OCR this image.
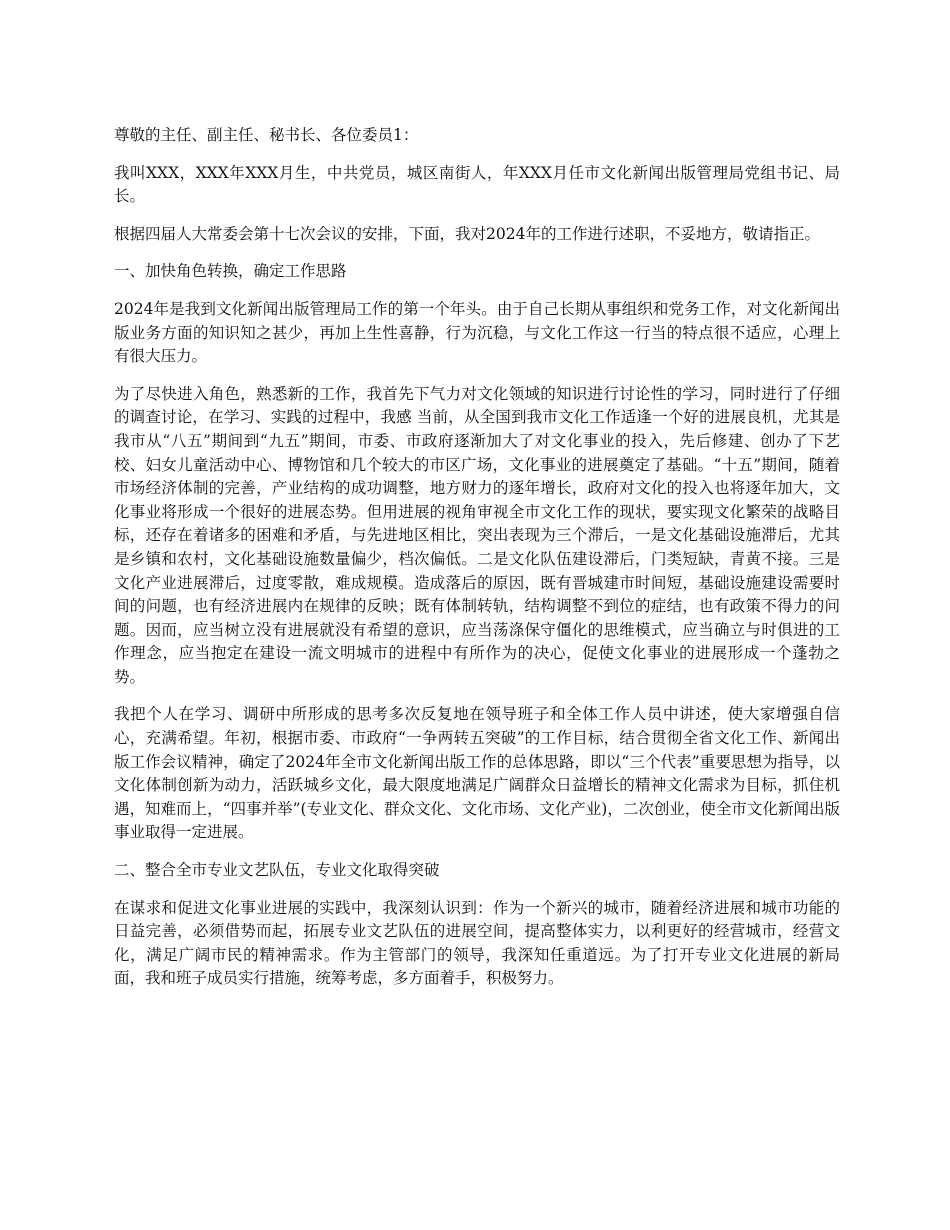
尊敬的主任、副主任、秘书长、各位委员1：

我叫XXX，XXX年XXX月生，中共党员，城区南街人，年XXX月任市文化新闻出版管理局党组书记、局长。

根据四届人大常委会第十七次会议的安排，下面，我对2024年的工作进行述职，不妥地方，敬请指正。

一、加快角色转换，确定工作思路

2024年是我到文化新闻出版管理局工作的第一个年头。由于自己长期从事组织和党务工作，对文化新闻出版业务方面的知识知之甚少，再加上生性喜静，行为沉稳，与文化工作这一行当的特点很不适应，心理上有很大压力。

为了尽快进入角色，熟悉新的工作，我首先下气力对文化领域的知识进行讨论性的学习，同时进行了仔细的调查讨论，在学习、实践的过程中，我感 当前，从全国到我市文化工作适逢一个好的进展良机，尤其是我市从“八五”期间到“九五”期间，市委、市政府逐渐加大了对文化事业的投入，先后修建、创办了下艺校、妇女儿童活动中心、博物馆和几个较大的市区广场，文化事业的进展奠定了基础。“十五”期间，随着市场经济体制的完善，产业结构的成功调整，地方财力的逐年增长，政府对文化的投入也将逐年加大，文化事业将形成一个很好的进展态势。但用进展的视角审视全市文化工作的现状，要实现文化繁荣的战略目标，还存在着诸多的困难和矛盾，与先进地区相比，突出表现为三个滞后，一是文化基础设施滞后，尤其是乡镇和农村，文化基础设施数量偏少，档次偏低。二是文化队伍建设滞后，门类短缺，青黄不接。三是文化产业进展滞后，过度零散，难成规模。造成落后的原因，既有晋城建市时间短，基础设施建设需要时间的问题，也有经济进展内在规律的反映；既有体制转轨，结构调整不到位的症结，也有政策不得力的问题。因而，应当树立没有进展就没有希望的意识，应当荡涤保守僵化的思维模式，应当确立与时俱进的工作理念，应当抱定在建设一流文明城市的进程中有所作为的决心，促使文化事业的进展形成一个蓬勃之势。

我把个人在学习、调研中所形成的思考多次反复地在领导班子和全体工作人员中讲述，使大家增强自信心，充满希望。年初，根据市委、市政府“一争两转五突破”的工作目标，结合贯彻全省文化工作、新闻出版工作会议精神，确定了2024年全市文化新闻出版工作的总体思路，即以“三个代表”重要思想为指导，以文化体制创新为动力，活跃城乡文化，最大限度地满足广阔群众日益增长的精神文化需求为目标，抓住机遇，知难而上，“四事并举”(专业文化、群众文化、文化市场、文化产业)，二次创业，使全市文化新闻出版事业取得一定进展。

二、整合全市专业文艺队伍，专业文化取得突破

在谋求和促进文化事业进展的实践中，我深刻认识到：作为一个新兴的城市，随着经济进展和城市功能的日益完善，必须借势而起，拓展专业文艺队伍的进展空间，提高整体实力，以利更好的经营城市，经营文化，满足广阔市民的精神需求。作为主管部门的领导，我深知任重道远。为了打开专业文化进展的新局面，我和班子成员实行措施，统筹考虑，多方面着手，积极努力。
